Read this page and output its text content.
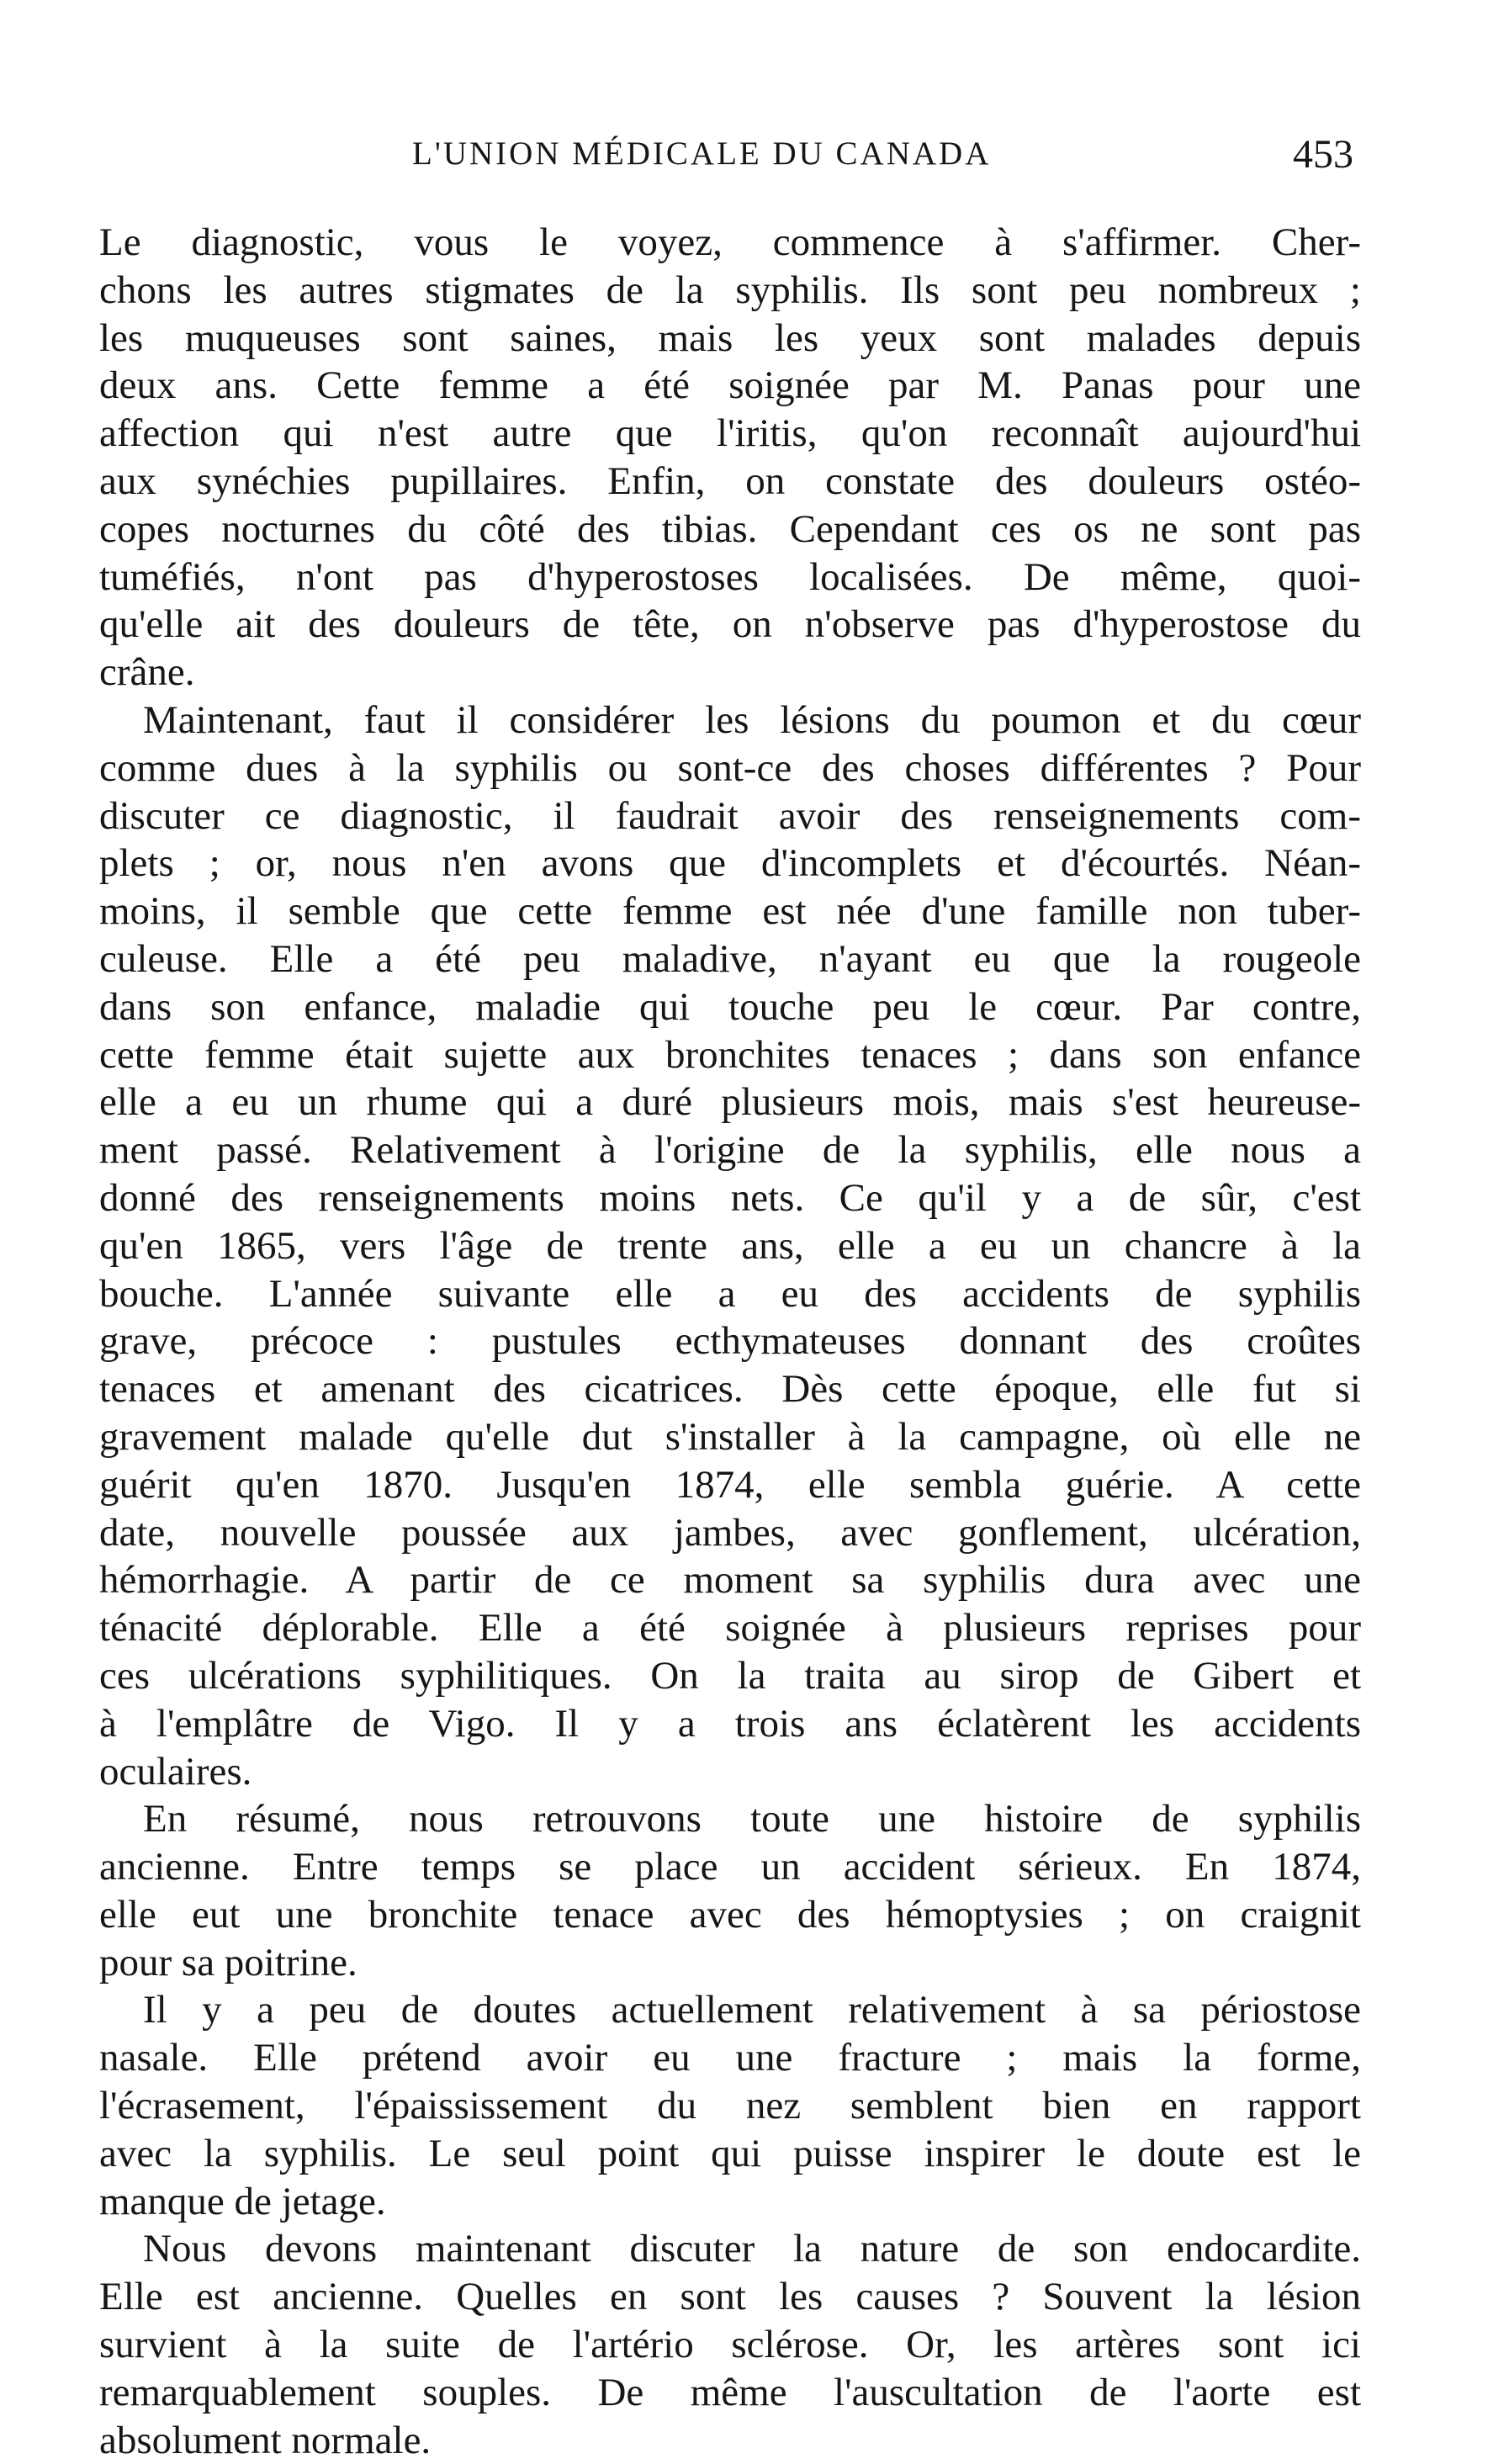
L'UNION MÉDICALE DU CANADA	453
Le diagnostic, vous le voyez, commence à s'affirmer. Cher-
chons les autres stigmates de la syphilis. Ils sont peu nombreux ;
les muqueuses sont saines, mais les yeux sont malades depuis
deux ans. Cette femme a été soignée par M. Panas pour une
affection qui n'est autre que l'iritis, qu'on reconnaît aujourd'hui
aux synéchies pupillaires. Enfin, on constate des douleurs ostéo-
copes nocturnes du côté des tibias. Cependant ces os ne sont pas
tuméfiés, n'ont pas d'hyperostoses localisées. De même, quoi-
qu'elle ait des douleurs de tête, on n'observe pas d'hyperostose du
crâne.
Maintenant, faut il considérer les lésions du poumon et du cœur
comme dues à la syphilis ou sont-ce des choses différentes ? Pour
discuter ce diagnostic, il faudrait avoir des renseignements com-
plets ; or, nous n'en avons que d'incomplets et d'écourtés. Néan-
moins, il semble que cette femme est née d'une famille non tuber-
culeuse. Elle a été peu maladive, n'ayant eu que la rougeole
dans son enfance, maladie qui touche peu le cœur. Par contre,
cette femme était sujette aux bronchites tenaces ; dans son enfance
elle a eu un rhume qui a duré plusieurs mois, mais s'est heureuse-
ment passé. Relativement à l'origine de la syphilis, elle nous a
donné des renseignements moins nets. Ce qu'il y a de sûr, c'est
qu'en 1865, vers l'âge de trente ans, elle a eu un chancre à la
bouche. L'année suivante elle a eu des accidents de syphilis
grave, précoce : pustules ecthymateuses donnant des croûtes
tenaces et amenant des cicatrices. Dès cette époque, elle fut si
gravement malade qu'elle dut s'installer à la campagne, où elle ne
guérit qu'en 1870. Jusqu'en 1874, elle sembla guérie. A cette
date, nouvelle poussée aux jambes, avec gonflement, ulcération,
hémorrhagie. A partir de ce moment sa syphilis dura avec une
ténacité déplorable. Elle a été soignée à plusieurs reprises pour
ces ulcérations syphilitiques. On la traita au sirop de Gibert et
à l'emplâtre de Vigo. Il y a trois ans éclatèrent les accidents
oculaires.
En résumé, nous retrouvons toute une histoire de syphilis
ancienne. Entre temps se place un accident sérieux. En 1874,
elle eut une bronchite tenace avec des hémoptysies ; on craignit
pour sa poitrine.
Il y a peu de doutes actuellement relativement à sa périostose
nasale. Elle prétend avoir eu une fracture ; mais la forme,
l'écrasement, l'épaississement du nez semblent bien en rapport
avec la syphilis. Le seul point qui puisse inspirer le doute est le
manque de jetage.
Nous devons maintenant discuter la nature de son endocardite.
Elle est ancienne. Quelles en sont les causes ? Souvent la lésion
survient à la suite de l'artério sclérose. Or, les artères sont ici
remarquablement souples. De même l'auscultation de l'aorte est
absolument normale.
